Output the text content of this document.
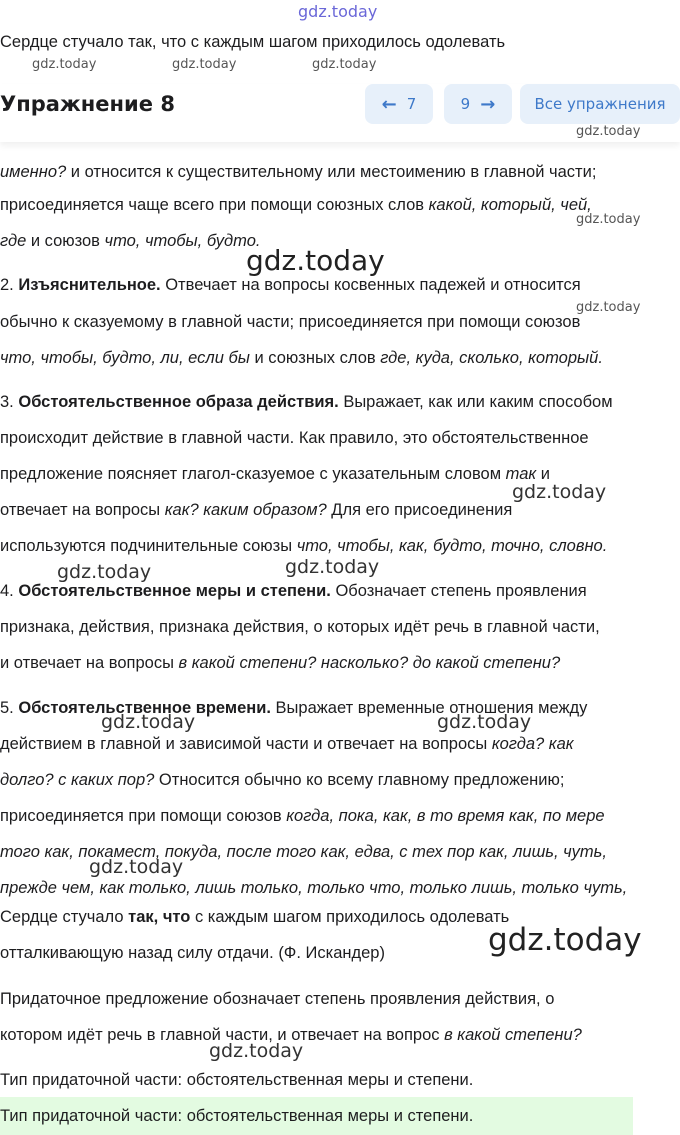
gdz.today
Сердце стучало так, что с каждым шагом приходилось одолевать
gdz.today	gdz.today	gdz.today
Упражнение 8	← 7	9 →	Все упражнения
gdz.today
именно? и относится к существительному или местоимению в главной части;
присоединяется чаще всего при помощи союзных слов какой, который, чей,
gdz.today
где и союзов что, чтобы, будто.
gdz.today
2. Изъяснительное. Отвечает на вопросы косвенных падежей и относится
gdz.today
обычно к сказуемому в главной части; присоединяется при помощи союзов
что, чтобы, будто, ли, если бы и союзных слов где, куда, сколько, который.
3. Обстоятельственное образа действия. Выражает, как или каким способом
происходит действие в главной части. Как правило, это обстоятельственное
предложение поясняет глагол-сказуемое с указательным словом так и
gdz.today
отвечает на вопросы как? каким образом? Для его присоединения
используются подчинительные союзы что, чтобы, как, будто, точно, словно.
gdz.today	gdz.today
4. Обстоятельственное меры и степени. Обозначает степень проявления
признака, действия, признака действия, о которых идёт речь в главной части,
и отвечает на вопросы в какой степени? насколько? до какой степени?
5. Обстоятельственное времени. Выражает временные отношения между
gdz.today	gdz.today
действием в главной и зависимой части и отвечает на вопросы когда? как
долго? с каких пор? Относится обычно ко всему главному предложению;
присоединяется при помощи союзов когда, пока, как, в то время как, по мере
того как, покамест, покуда, после того как, едва, с тех пор как, лишь, чуть,
gdz.today
прежде чем, как только, лишь только, только что, только лишь, только чуть,
Сердце стучало так, что с каждым шагом приходилось одолевать
gdz.today
отталкивающую назад силу отдачи. (Ф. Искандер)
Придаточное предложение обозначает степень проявления действия, о
котором идёт речь в главной части, и отвечает на вопрос в какой степени?
gdz.today
Тип придаточной части: обстоятельственная меры и степени.
Тип придаточной части: обстоятельственная меры и степени.
